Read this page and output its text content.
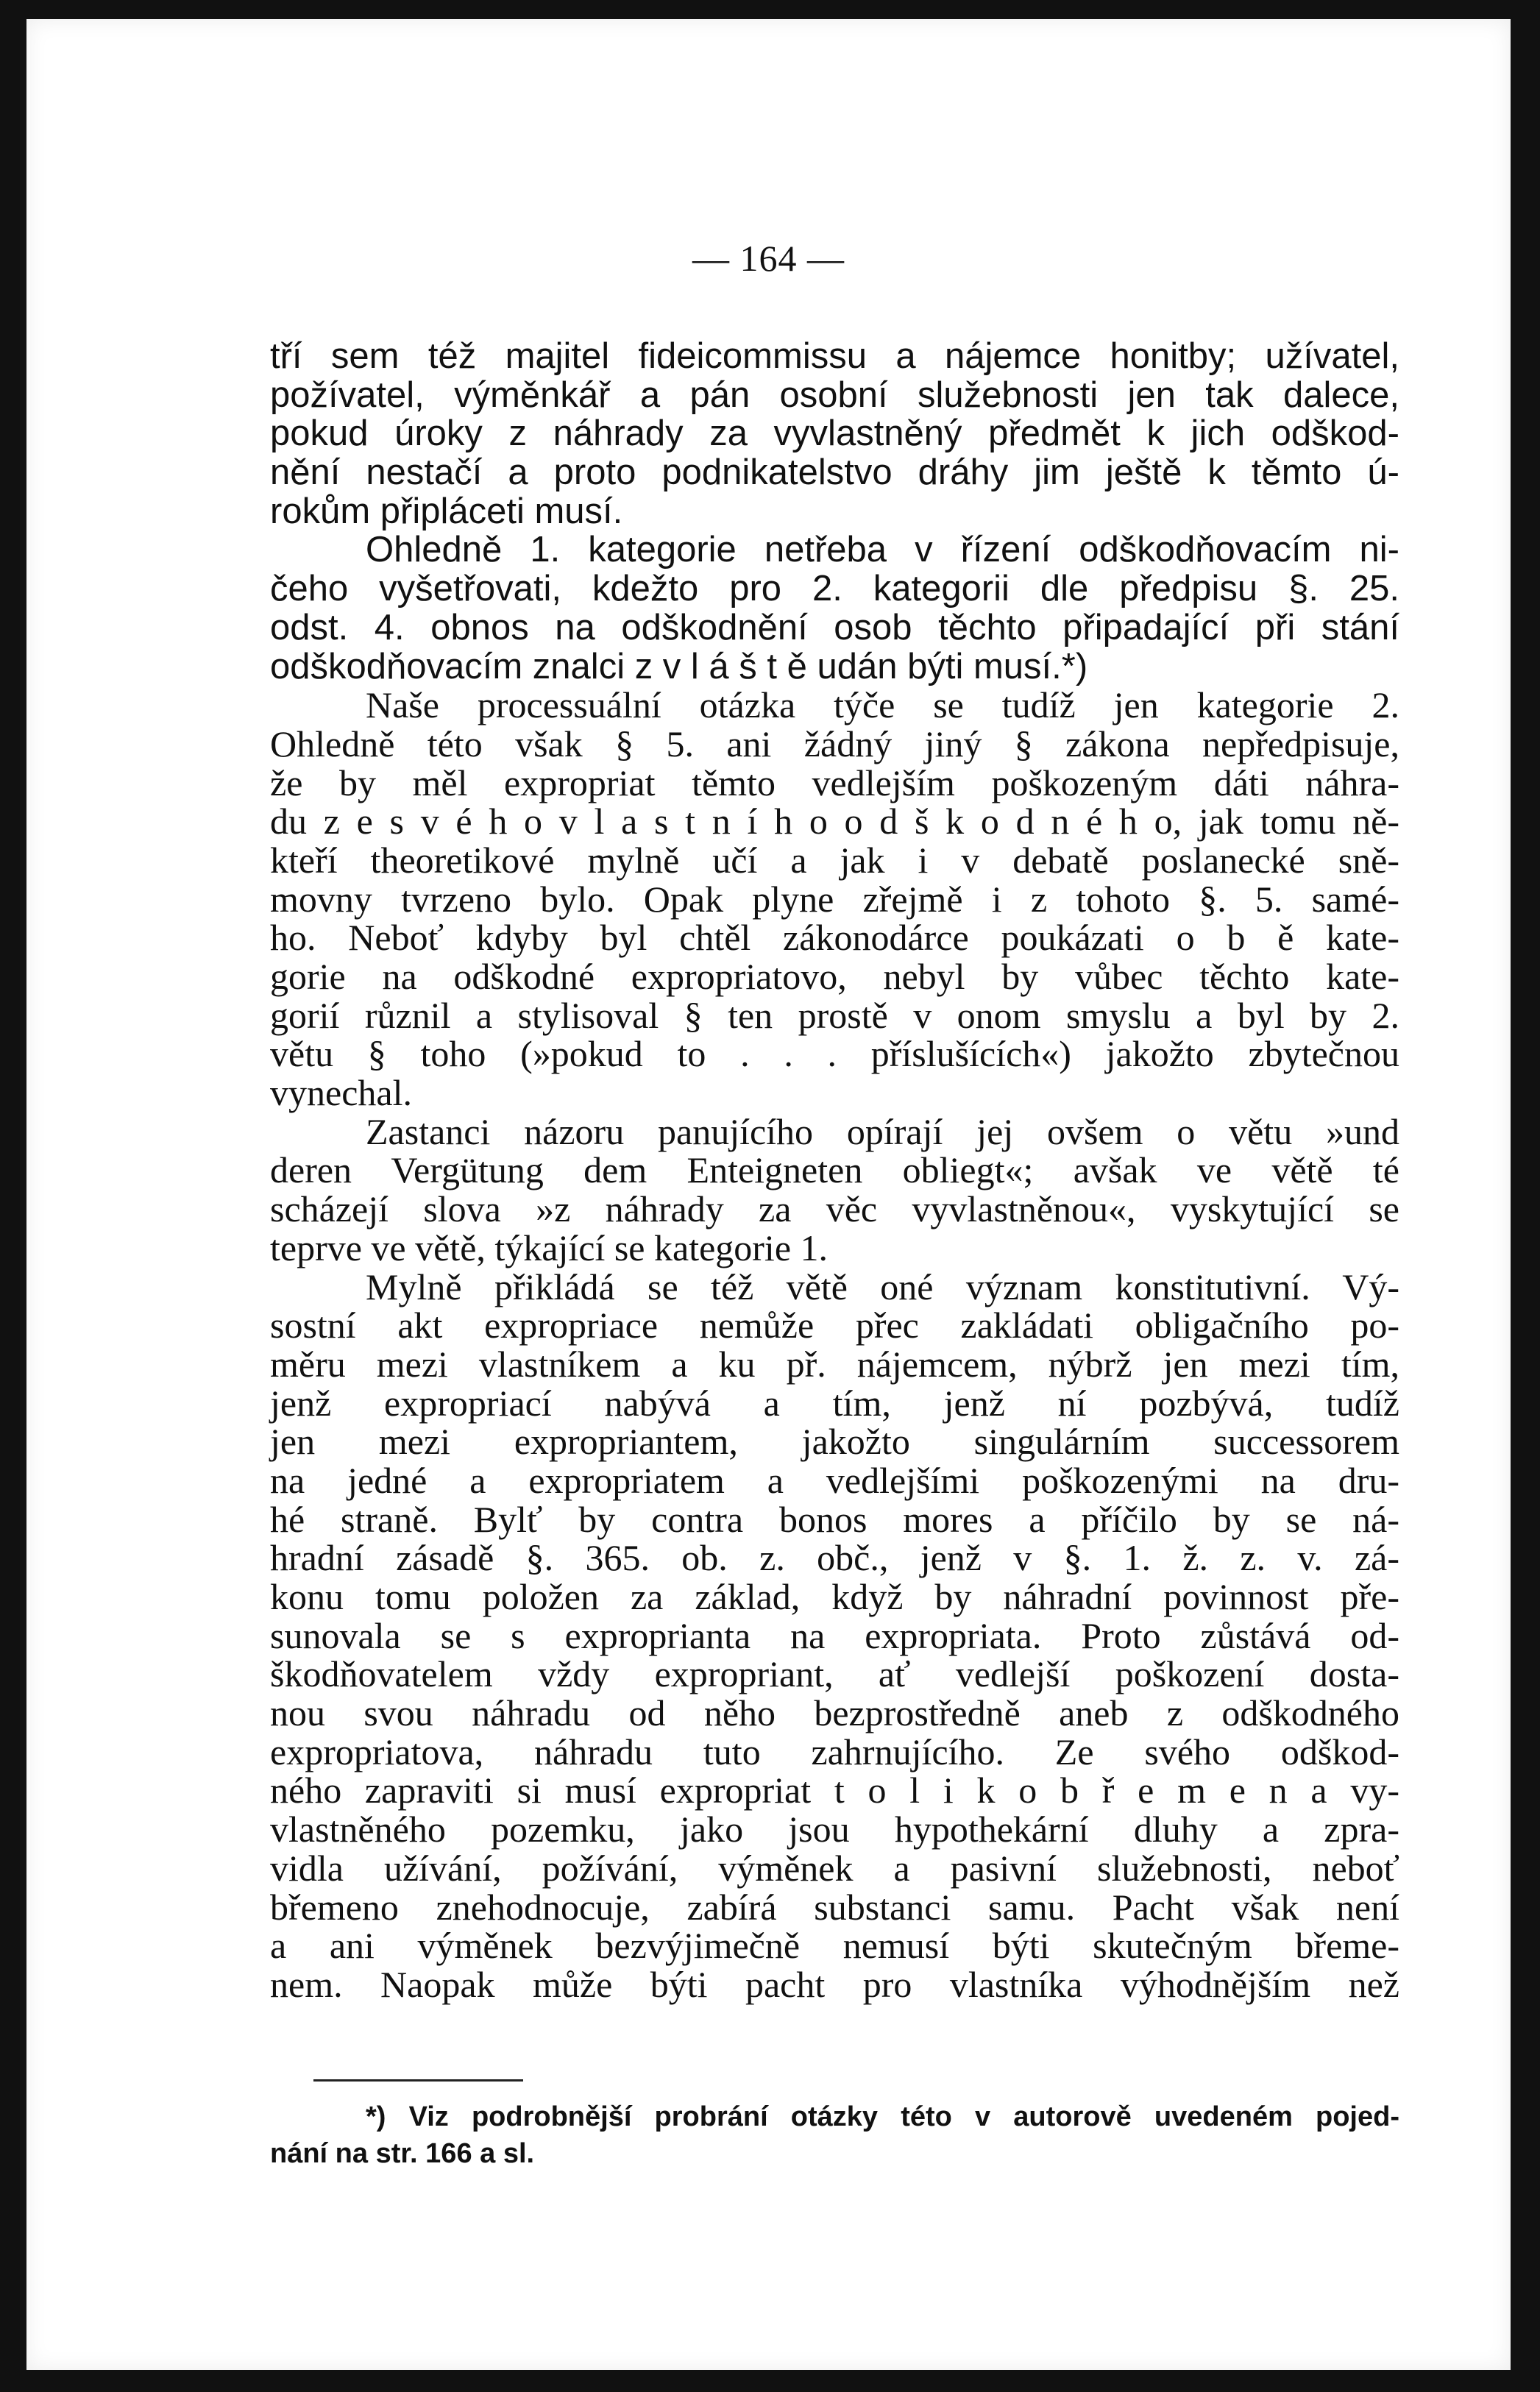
— 164 —
tří sem též majitel fideicommissu a nájemce honitby; užívatel,
požívatel, výměnkář a pán osobní služebnosti jen tak dalece,
pokud úroky z náhrady za vyvlastněný předmět k jich odškod-
nění nestačí a proto podnikatelstvo dráhy jim ještě k těmto ú-
rokům připláceti musí.
Ohledně 1. kategorie netřeba v řízení odškodňovacím ni-
čeho vyšetřovati, kdežto pro 2. kategorii dle předpisu §. 25.
odst. 4. obnos na odškodnění osob těchto připadající při stání
odškodňovacím znalci z v l á š t ě udán býti musí.*)
Naše processuální otázka týče se tudíž jen kategorie 2.
Ohledně této však § 5. ani žádný jiný § zákona nepředpisuje,
že by měl expropriat těmto vedlejším poškozeným dáti náhra-
du z e s v é h o v l a s t n í h o o d š k o d n é h o, jak tomu ně-
kteří theoretikové mylně učí a jak i v debatě poslanecké sně-
movny tvrzeno bylo. Opak plyne zřejmě i z tohoto §. 5. samé-
ho. Neboť kdyby byl chtěl zákonodárce poukázati o b ě kate-
gorie na odškodné expropriatovo, nebyl by vůbec těchto kate-
gorií různil a stylisoval § ten prostě v onom smyslu a byl by 2.
větu § toho (»pokud to . . . příslušících«) jakožto zbytečnou
vynechal.
Zastanci názoru panujícího opírají jej ovšem o větu »und
deren Vergütung dem Enteigneten obliegt«; avšak ve větě té
scházejí slova »z náhrady za věc vyvlastněnou«, vyskytující se
teprve ve větě, týkající se kategorie 1.
Mylně přikládá se též větě oné význam konstitutivní. Vý-
sostní akt expropriace nemůže přec zakládati obligačního po-
měru mezi vlastníkem a ku př. nájemcem, nýbrž jen mezi tím,
jenž expropriací nabývá a tím, jenž ní pozbývá, tudíž
jen mezi expropriantem, jakožto singulárním successorem
na jedné a expropriatem a vedlejšími poškozenými na dru-
hé straně. Bylť by contra bonos mores a příčilo by se ná-
hradní zásadě §. 365. ob. z. obč., jenž v §. 1. ž. z. v. zá-
konu tomu položen za základ, když by náhradní povinnost pře-
sunovala se s exproprianta na expropriata. Proto zůstává od-
škodňovatelem vždy expropriant, ať vedlejší poškození dosta-
nou svou náhradu od něho bezprostředně aneb z odškodného
expropriatova, náhradu tuto zahrnujícího. Ze svého odškod-
ného zapraviti si musí expropriat t o l i k o b ř e m e n a vy-
vlastněného pozemku, jako jsou hypothekární dluhy a zpra-
vidla užívání, požívání, výměnek a pasivní služebnosti, neboť
břemeno znehodnocuje, zabírá substanci samu. Pacht však není
a ani výměnek bezvýjimečně nemusí býti skutečným břeme-
nem. Naopak může býti pacht pro vlastníka výhodnějším než
*) Viz podrobnější probrání otázky této v autorově uvedeném pojed-
nání na str. 166 a sl.
